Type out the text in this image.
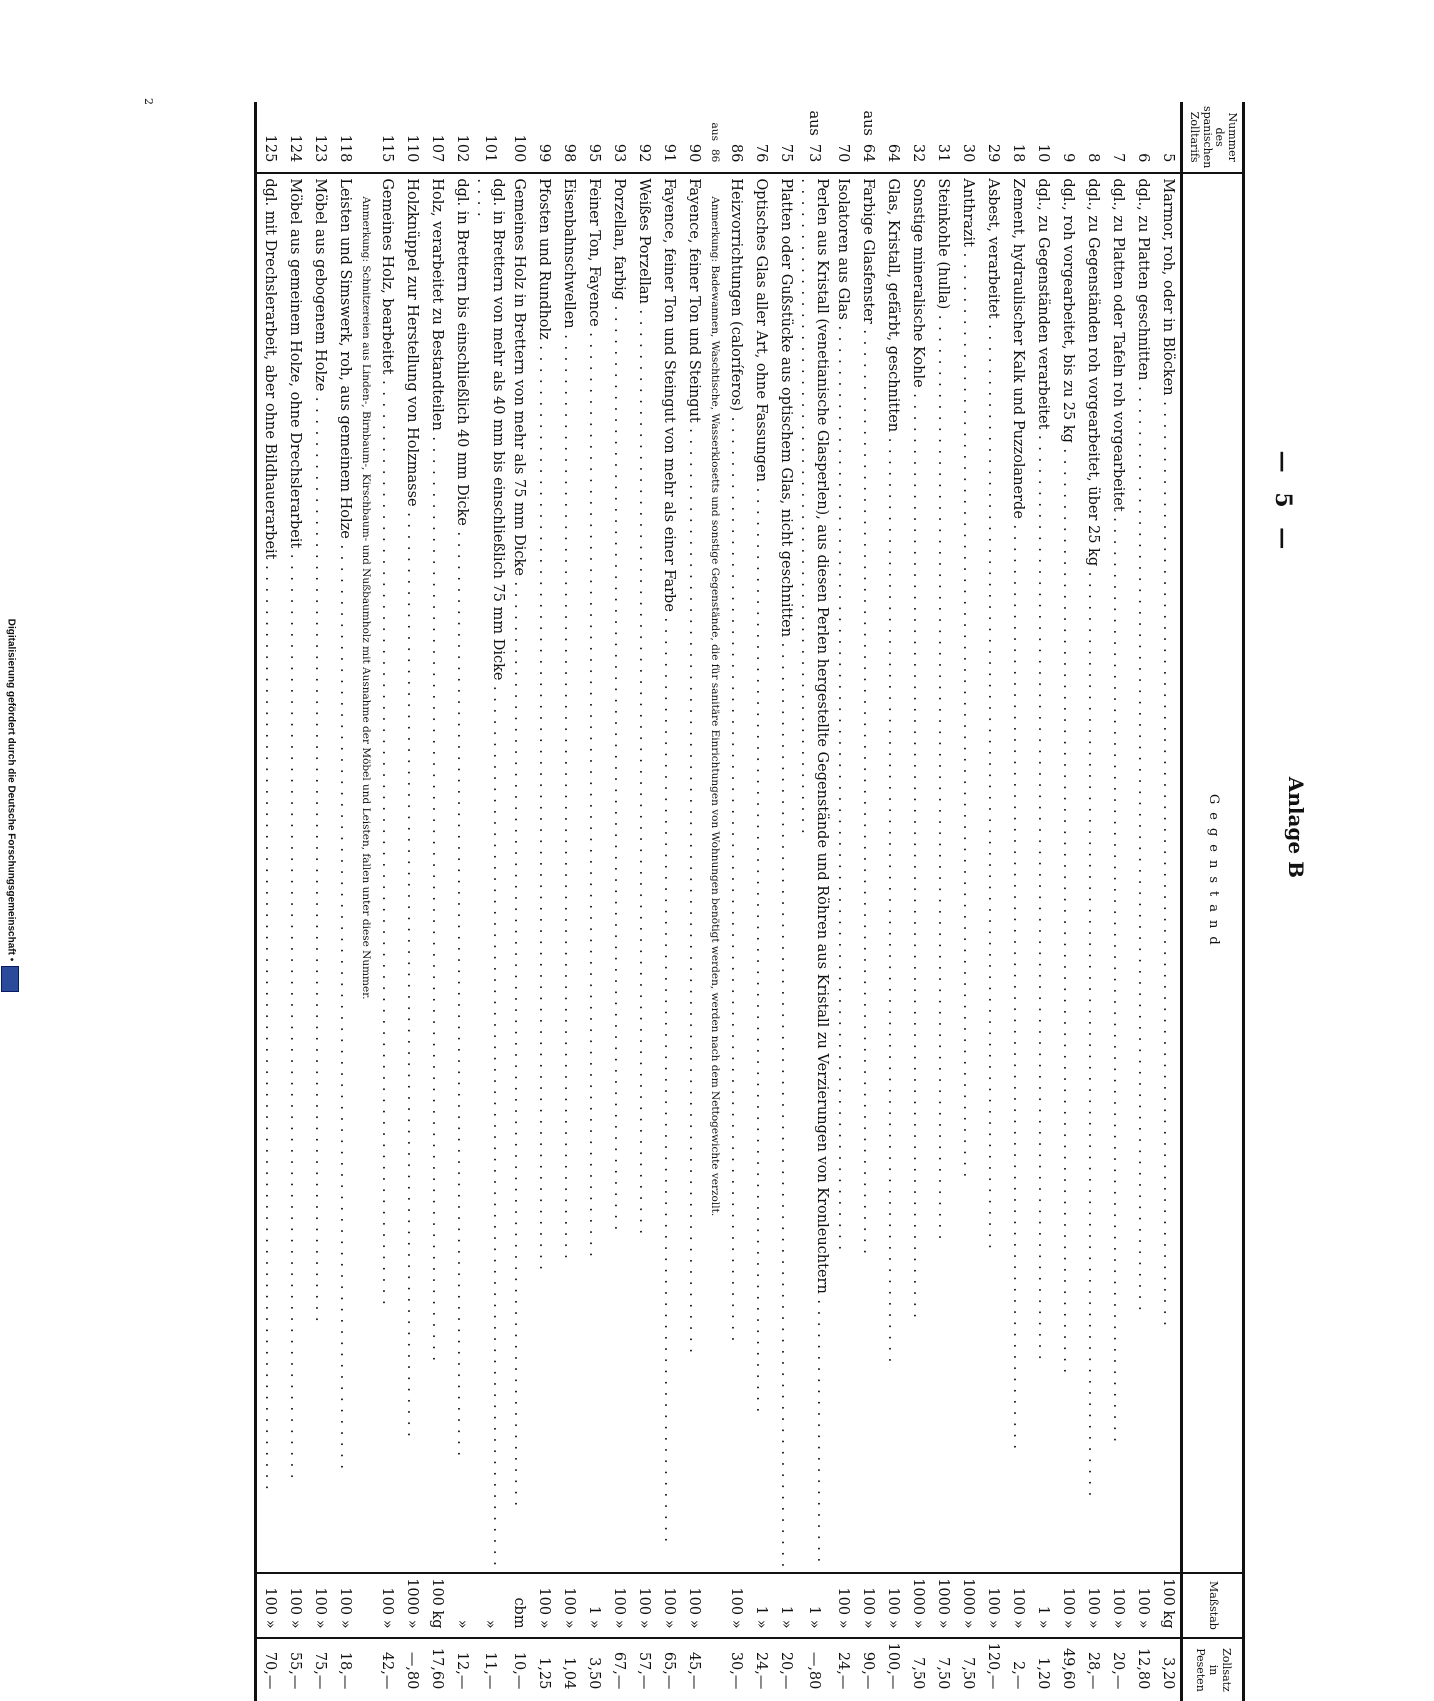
Digitalisierung gefördert durch die Deutsche Forschungsgemeinschaft •	Anlage B
— 5 —
Nummer des spanischen Zolltarifs	Gegenstand	Maßstab	Zollsatz in Peseten
5	Marmor, roh, oder in Blöcken . . .	100 kg	3,20
6	dgl., zu Platten geschnitten . . .	100 »	12,80
7	dgl., zu Platten oder Tafeln roh vorgearbeitet . . .	100 »	20,—
8	dgl., zu Gegenständen roh vorgearbeitet, über 25 kg . . .	100 »	28,—
9	dgl., roh vorgearbeitet, bis zu 25 kg . . .	100 »	49,60
10	dgl., zu Gegenständen verarbeitet . . .	1 »	1,20
18	Zement, hydraulischer Kalk und Puzzolanerde . . .	100 »	2,—
29	Asbest, verarbeitet . . .	100 »	120,—
30	Anthrazit . . .	1000 »	7,50
31	Steinkohle (hulla) . . .	1000 »	7,50
32	Sonstige mineralische Kohle . . .	1000 »	7,50
64	Glas, Kristall, gefärbt, geschnitten . . .	100 »	100,—
aus64	Farbige Glasfenster . . .	100 »	90,—
70	Isolatoren aus Glas . . .	100 »	24,—
aus73	Perlen aus Kristall (venetianische Glasperlen), aus diesen Perlen hergestellte Gegenstände und Röhren aus Kristall zu Verzierungen von Kronleuchtern . . .	1 »	—,80
75	Platten oder Gußstücke aus optischem Glas, nicht geschnitten . . .	1 »	20,—
76	Optisches Glas aller Art, ohne Fassungen . . .	1 »	24,—
86	Heizvorrichtungen (caloríferos) . . .	100 »	30,—
aus86	Anmerkung: Badewannen, Waschtische, Wasserklosetts und sonstige Gegenstände, die für sanitäre Einrichtungen von Wohnungen benötigt werden, werden nach dem Nettogewichte verzollt.		
90	Fayence, feiner Ton und Steingut . . .	100 »	45,—
91	Fayence, feiner Ton und Steingut von mehr als einer Farbe . . .	100 »	65,—
92	Weißes Porzellan . . .	100 »	57,—
93	Porzellan, farbig . . .	100 »	67,—
95	Feiner Ton, Fayence . . .	1 »	3,50
98	Eisenbahnschwellen . . .	100 »	1,04
99	Pfosten und Rundholz . . .	100 »	1,25
100	Gemeines Holz in Brettern von mehr als 75 mm Dicke . . .	cbm	10,—
101	dgl. in Brettern von mehr als 40 mm bis einschließlich 75 mm Dicke . . .	»	11,—
102	dgl. in Brettern bis einschließlich 40 mm Dicke . . .	»	12,—
107	Holz, verarbeitet zu Bestandteilen . . .	100 kg	17,60
110	Holzknüppel zur Herstellung von Holzmasse . . .	1000 »	—,80
115	Gemeines Holz, bearbeitet . . .	100 »	42,—
	Anmerkung: Schnitzereien aus Linden-, Birnbaum-, Kirschbaum- und Nußbaumholz mit Ausnahme der Möbel und Leisten, fallen unter diese Nummer.		
118	Leisten und Simswerk, roh, aus gemeinem Holze . . .	100 »	18,—
123	Möbel aus gebogenem Holze . . .	100 »	75,—
124	Möbel aus gemeinem Holze, ohne Drechslerarbeit . . .	100 »	55,—
125	dgl. mit Drechslerarbeit, aber ohne Bildhauerarbeit . . .	100 »	70,—
2
